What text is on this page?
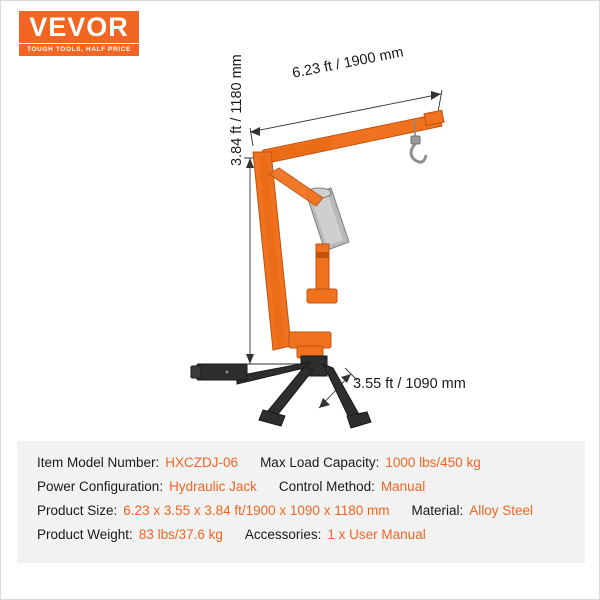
VEVOR
TOUGH TOOLS, HALF PRICE	6.23 ft / 1900 mm
3.84 ft / 1180 mm
3.55 ft / 1090 mm
Item Model Number: HXCZDJ-06 Max Load Capacity: 1000 lbs/450 kg
Power Configuration: Hydraulic Jack Control Method: Manual
Product Size: 6.23 x 3.55 x 3.84 ft/1900 x 1090 x 1180 mm Material: Alloy Steel
Product Weight: 83 lbs/37.6 kg Accessories: 1 x User Manual
